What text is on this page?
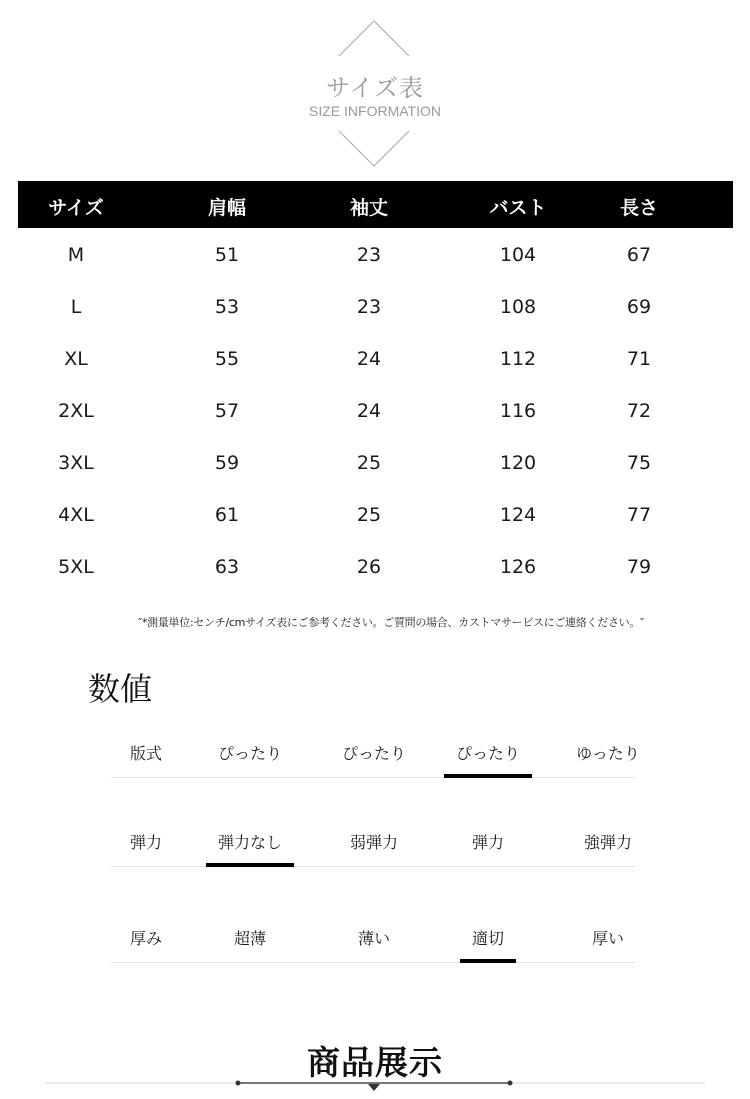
サイズ表
SIZE INFORMATION
サイズ	肩幅	袖丈	バスト	長さ
M	51	23	104	67
L	53	23	108	69
XL	55	24	112	71
2XL	57	24	116	72
3XL	59	25	120	75
4XL	61	25	124	77
5XL	63	26	126	79
″*測量単位:センチ/cmサイズ表にご参考ください。ご質問の場合、カストマサービスにご連絡ください。″
数値
版式	ぴったり	ぴったり	ぴったり	ゆったり
弾力	弾力なし	弱弾力	弾力	強弾力
厚み	超薄	薄い	適切	厚い
商品展示
